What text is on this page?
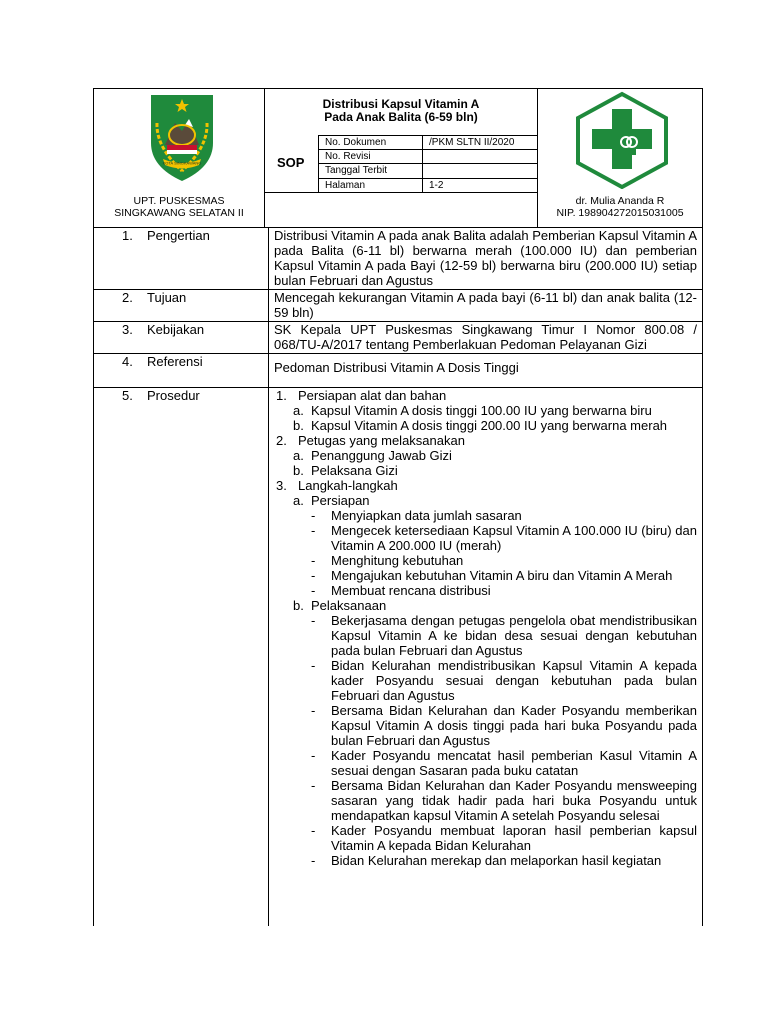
KOTA SINGKAWANG
Distribusi Kapsul Vitamin A
Pada Anak Balita (6-59 bln)
SOP
No. Dokumen	/PKM SLTN II/2020
No. Revisi
Tanggal Terbit
Halaman	1-2
UPT. PUSKESMAS
SINGKAWANG SELATAN II
dr. Mulia Ananda R
NIP. 198904272015031005
1. Pengertian	Distribusi Vitamin A pada anak Balita adalah Pemberian Kapsul Vitamin A pada Balita (6-11 bl) berwarna merah (100.000 IU) dan pemberian Kapsul Vitamin A pada Bayi (12-59 bl) berwarna biru (200.000 IU) setiap bulan Februari dan Agustus

2. Tujuan	Mencegah kekurangan Vitamin A pada bayi (6-11 bl) dan anak balita (12-59 bln)

3. Kebijakan	SK Kepala UPT Puskesmas Singkawang Timur I Nomor 800.08 / 068/TU-A/2017 tentang Pemberlakuan Pedoman Pelayanan Gizi

4. Referensi	Pedoman Distribusi Vitamin A Dosis Tinggi

5. Prosedur	1. Persiapan alat dan bahan
a. Kapsul Vitamin A dosis tinggi 100.00 IU yang berwarna biru
b. Kapsul Vitamin A dosis tinggi 200.00 IU yang berwarna merah
2. Petugas yang melaksanakan
a. Penanggung Jawab Gizi
b. Pelaksana Gizi
3. Langkah-langkah
a. Persiapan
-	Menyiapkan data jumlah sasaran
-	Mengecek ketersediaan Kapsul Vitamin A 100.000 IU (biru) dan Vitamin A 200.000 IU (merah)
-	Menghitung kebutuhan
-	Mengajukan kebutuhan Vitamin A biru dan Vitamin A Merah
-	Membuat rencana distribusi
b. Pelaksanaan
-	Bekerjasama dengan petugas pengelola obat mendistribusikan Kapsul Vitamin A ke bidan desa sesuai dengan kebutuhan pada bulan Februari dan Agustus
-	Bidan Kelurahan mendistribusikan Kapsul Vitamin A kepada kader Posyandu sesuai dengan kebutuhan pada bulan Februari dan Agustus
-	Bersama Bidan Kelurahan dan Kader Posyandu memberikan Kapsul Vitamin A dosis tinggi pada hari buka Posyandu pada bulan Februari dan Agustus
-	Kader Posyandu mencatat hasil pemberian Kasul Vitamin A sesuai dengan Sasaran pada buku catatan
-	Bersama Bidan Kelurahan dan Kader Posyandu mensweeping sasaran yang tidak hadir pada hari buka Posyandu untuk mendapatkan kapsul Vitamin A setelah Posyandu selesai
-	Kader Posyandu membuat laporan hasil pemberian kapsul Vitamin A kepada Bidan Kelurahan
-	Bidan Kelurahan merekap dan melaporkan hasil kegiatan
